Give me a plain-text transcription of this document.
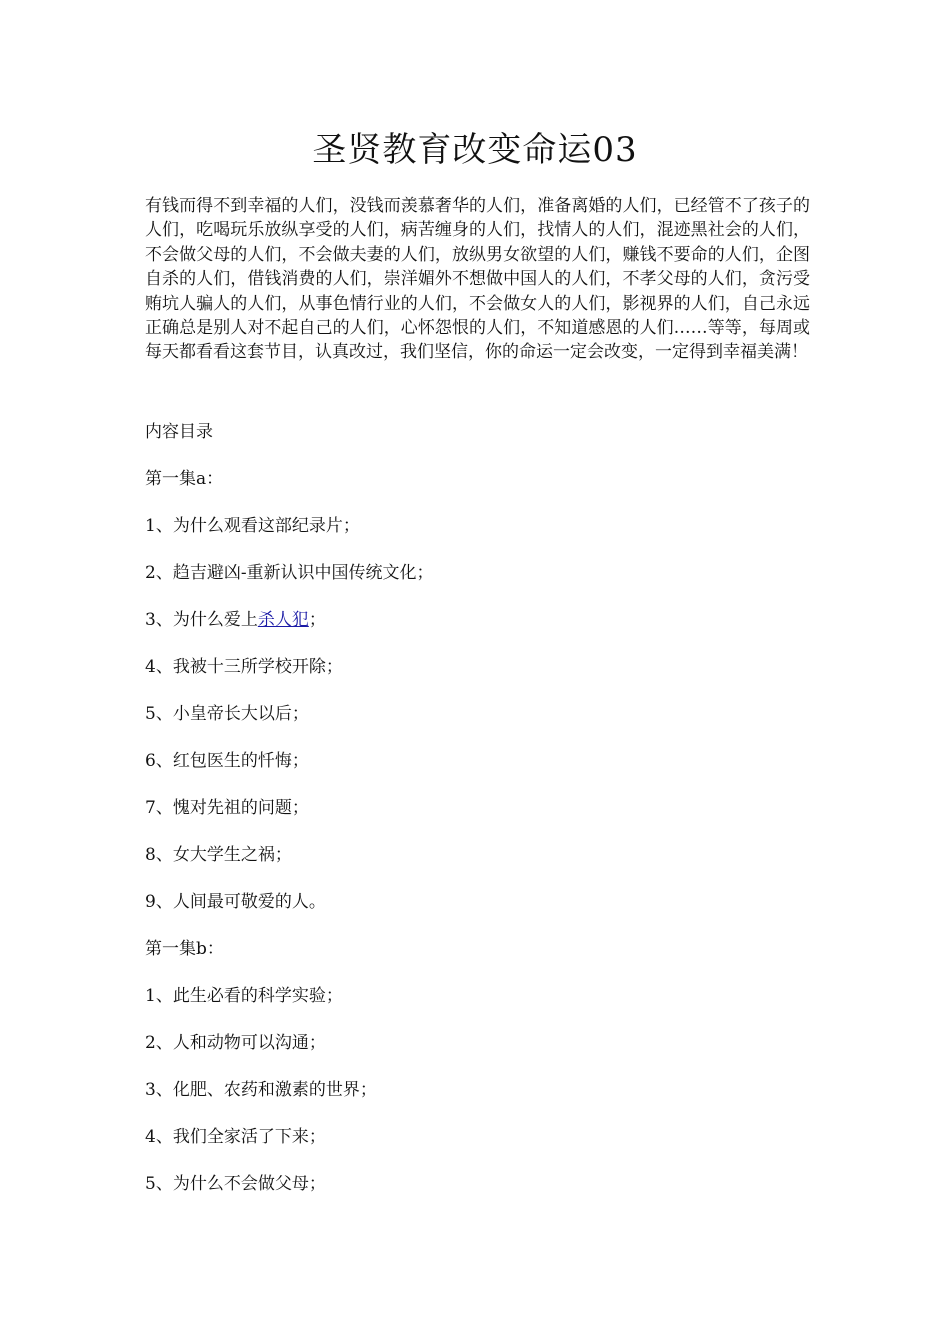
圣贤教育改变命运03

有钱而得不到幸福的人们，没钱而羡慕奢华的人们，准备离婚的人们，已经管不了孩子的人们，吃喝玩乐放纵享受的人们，病苦缠身的人们，找情人的人们，混迹黑社会的人们，不会做父母的人们，不会做夫妻的人们，放纵男女欲望的人们，赚钱不要命的人们，企图自杀的人们，借钱消费的人们，崇洋媚外不想做中国人的人们，不孝父母的人们，贪污受贿坑人骗人的人们，从事色情行业的人们，不会做女人的人们，影视界的人们，自己永远正确总是别人对不起自己的人们，心怀怨恨的人们，不知道感恩的人们……等等，每周或每天都看看这套节目，认真改过，我们坚信，你的命运一定会改变，一定得到幸福美满！

内容目录

第一集a：

1、为什么观看这部纪录片；

2、趋吉避凶-重新认识中国传统文化；

3、为什么爱上杀人犯；

4、我被十三所学校开除；

5、小皇帝长大以后；

6、红包医生的忏悔；

7、愧对先祖的问题；

8、女大学生之祸；

9、人间最可敬爱的人。

第一集b：

1、此生必看的科学实验；

2、人和动物可以沟通；

3、化肥、农药和激素的世界；

4、我们全家活了下来；

5、为什么不会做父母；
